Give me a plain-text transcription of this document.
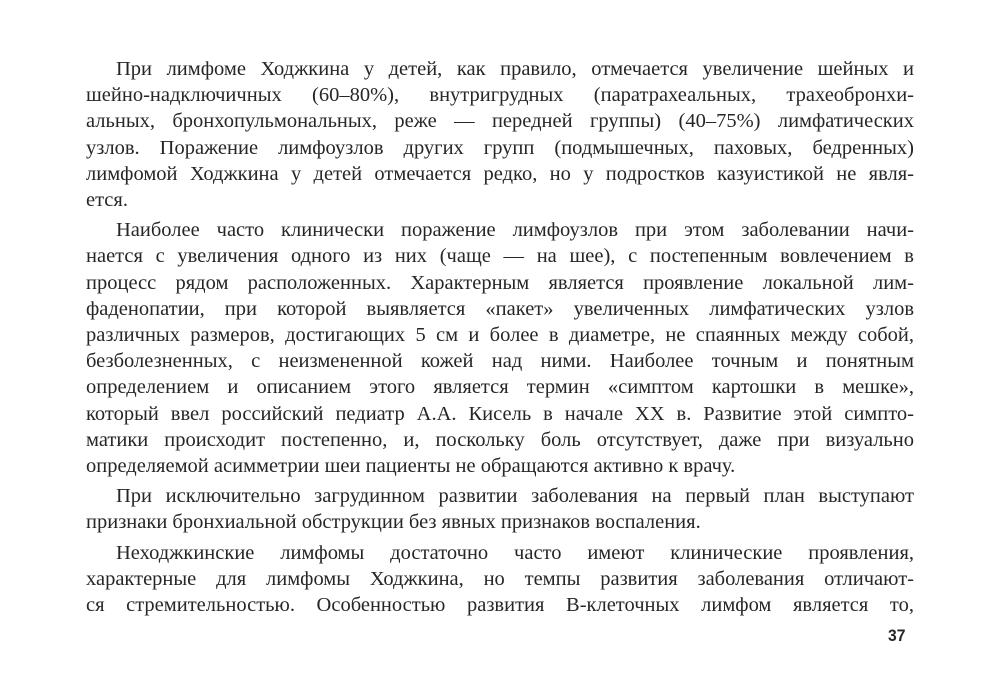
При лимфоме Ходжкина у детей, как правило, отмечается увеличение шейных и
шейно-надключичных (60–80%), внутригрудных (паратрахеальных, трахеобронхи-
альных, бронхопульмональных, реже — передней группы) (40–75%) лимфатических
узлов. Поражение лимфоузлов других групп (подмышечных, паховых, бедренных)
лимфомой Ходжкина у детей отмечается редко, но у подростков казуистикой не явля-
ется.
Наиболее часто клинически поражение лимфоузлов при этом заболевании начи-
нается с увеличения одного из них (чаще — на шее), с постепенным вовлечением в
процесс рядом расположенных. Характерным является проявление локальной лим-
фаденопатии, при которой выявляется «пакет» увеличенных лимфатических узлов
различных размеров, достигающих 5 см и более в диаметре, не спаянных между собой,
безболезненных, с неизмененной кожей над ними. Наиболее точным и понятным
определением и описанием этого является термин «симптом картошки в мешке»,
который ввел российский педиатр А.А. Кисель в начале XX в. Развитие этой симпто-
матики происходит постепенно, и, поскольку боль отсутствует, даже при визуально
определяемой асимметрии шеи пациенты не обращаются активно к врачу.
При исключительно загрудинном развитии заболевания на первый план выступают
признаки бронхиальной обструкции без явных признаков воспаления.
Неходжкинские лимфомы достаточно часто имеют клинические проявления,
характерные для лимфомы Ходжкина, но темпы развития заболевания отличают-
ся стремительностью. Особенностью развития В-клеточных лимфом является то,
37
